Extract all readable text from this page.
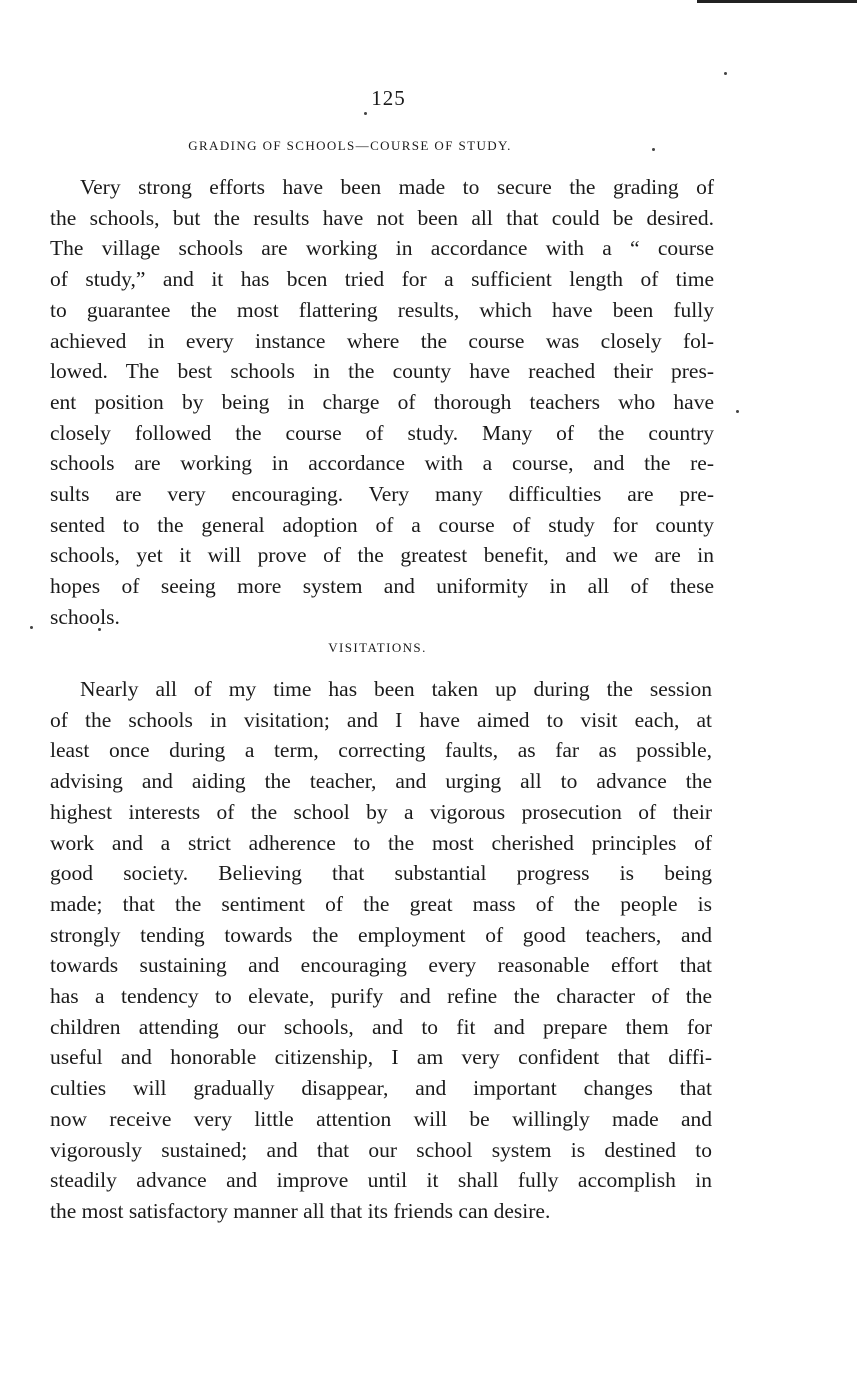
125
GRADING OF SCHOOLS—COURSE OF STUDY.
Very strong efforts have been made to secure the grading of
the schools, but the results have not been all that could be desired.
The village schools are working in accordance with a “ course
of study,” and it has bcen tried for a sufficient length of time
to guarantee the most flattering results, which have been fully
achieved in every instance where the course was closely fol-
lowed. The best schools in the county have reached their pres-
ent position by being in charge of thorough teachers who have
closely followed the course of study. Many of the country
schools are working in accordance with a course, and the re-
sults are very encouraging. Very many difficulties are pre-
sented to the general adoption of a course of study for county
schools, yet it will prove of the greatest benefit, and we are in
hopes of seeing more system and uniformity in all of these
schools.
VISITATIONS.
Nearly all of my time has been taken up during the session
of the schools in visitation; and I have aimed to visit each, at
least once during a term, correcting faults, as far as possible,
advising and aiding the teacher, and urging all to advance the
highest interests of the school by a vigorous prosecution of their
work and a strict adherence to the most cherished principles of
good society. Believing that substantial progress is being
made; that the sentiment of the great mass of the people is
strongly tending towards the employment of good teachers, and
towards sustaining and encouraging every reasonable effort that
has a tendency to elevate, purify and refine the character of the
children attending our schools, and to fit and prepare them for
useful and honorable citizenship, I am very confident that diffi-
culties will gradually disappear, and important changes that
now receive very little attention will be willingly made and
vigorously sustained; and that our school system is destined to
steadily advance and improve until it shall fully accomplish in
the most satisfactory manner all that its friends can desire.
